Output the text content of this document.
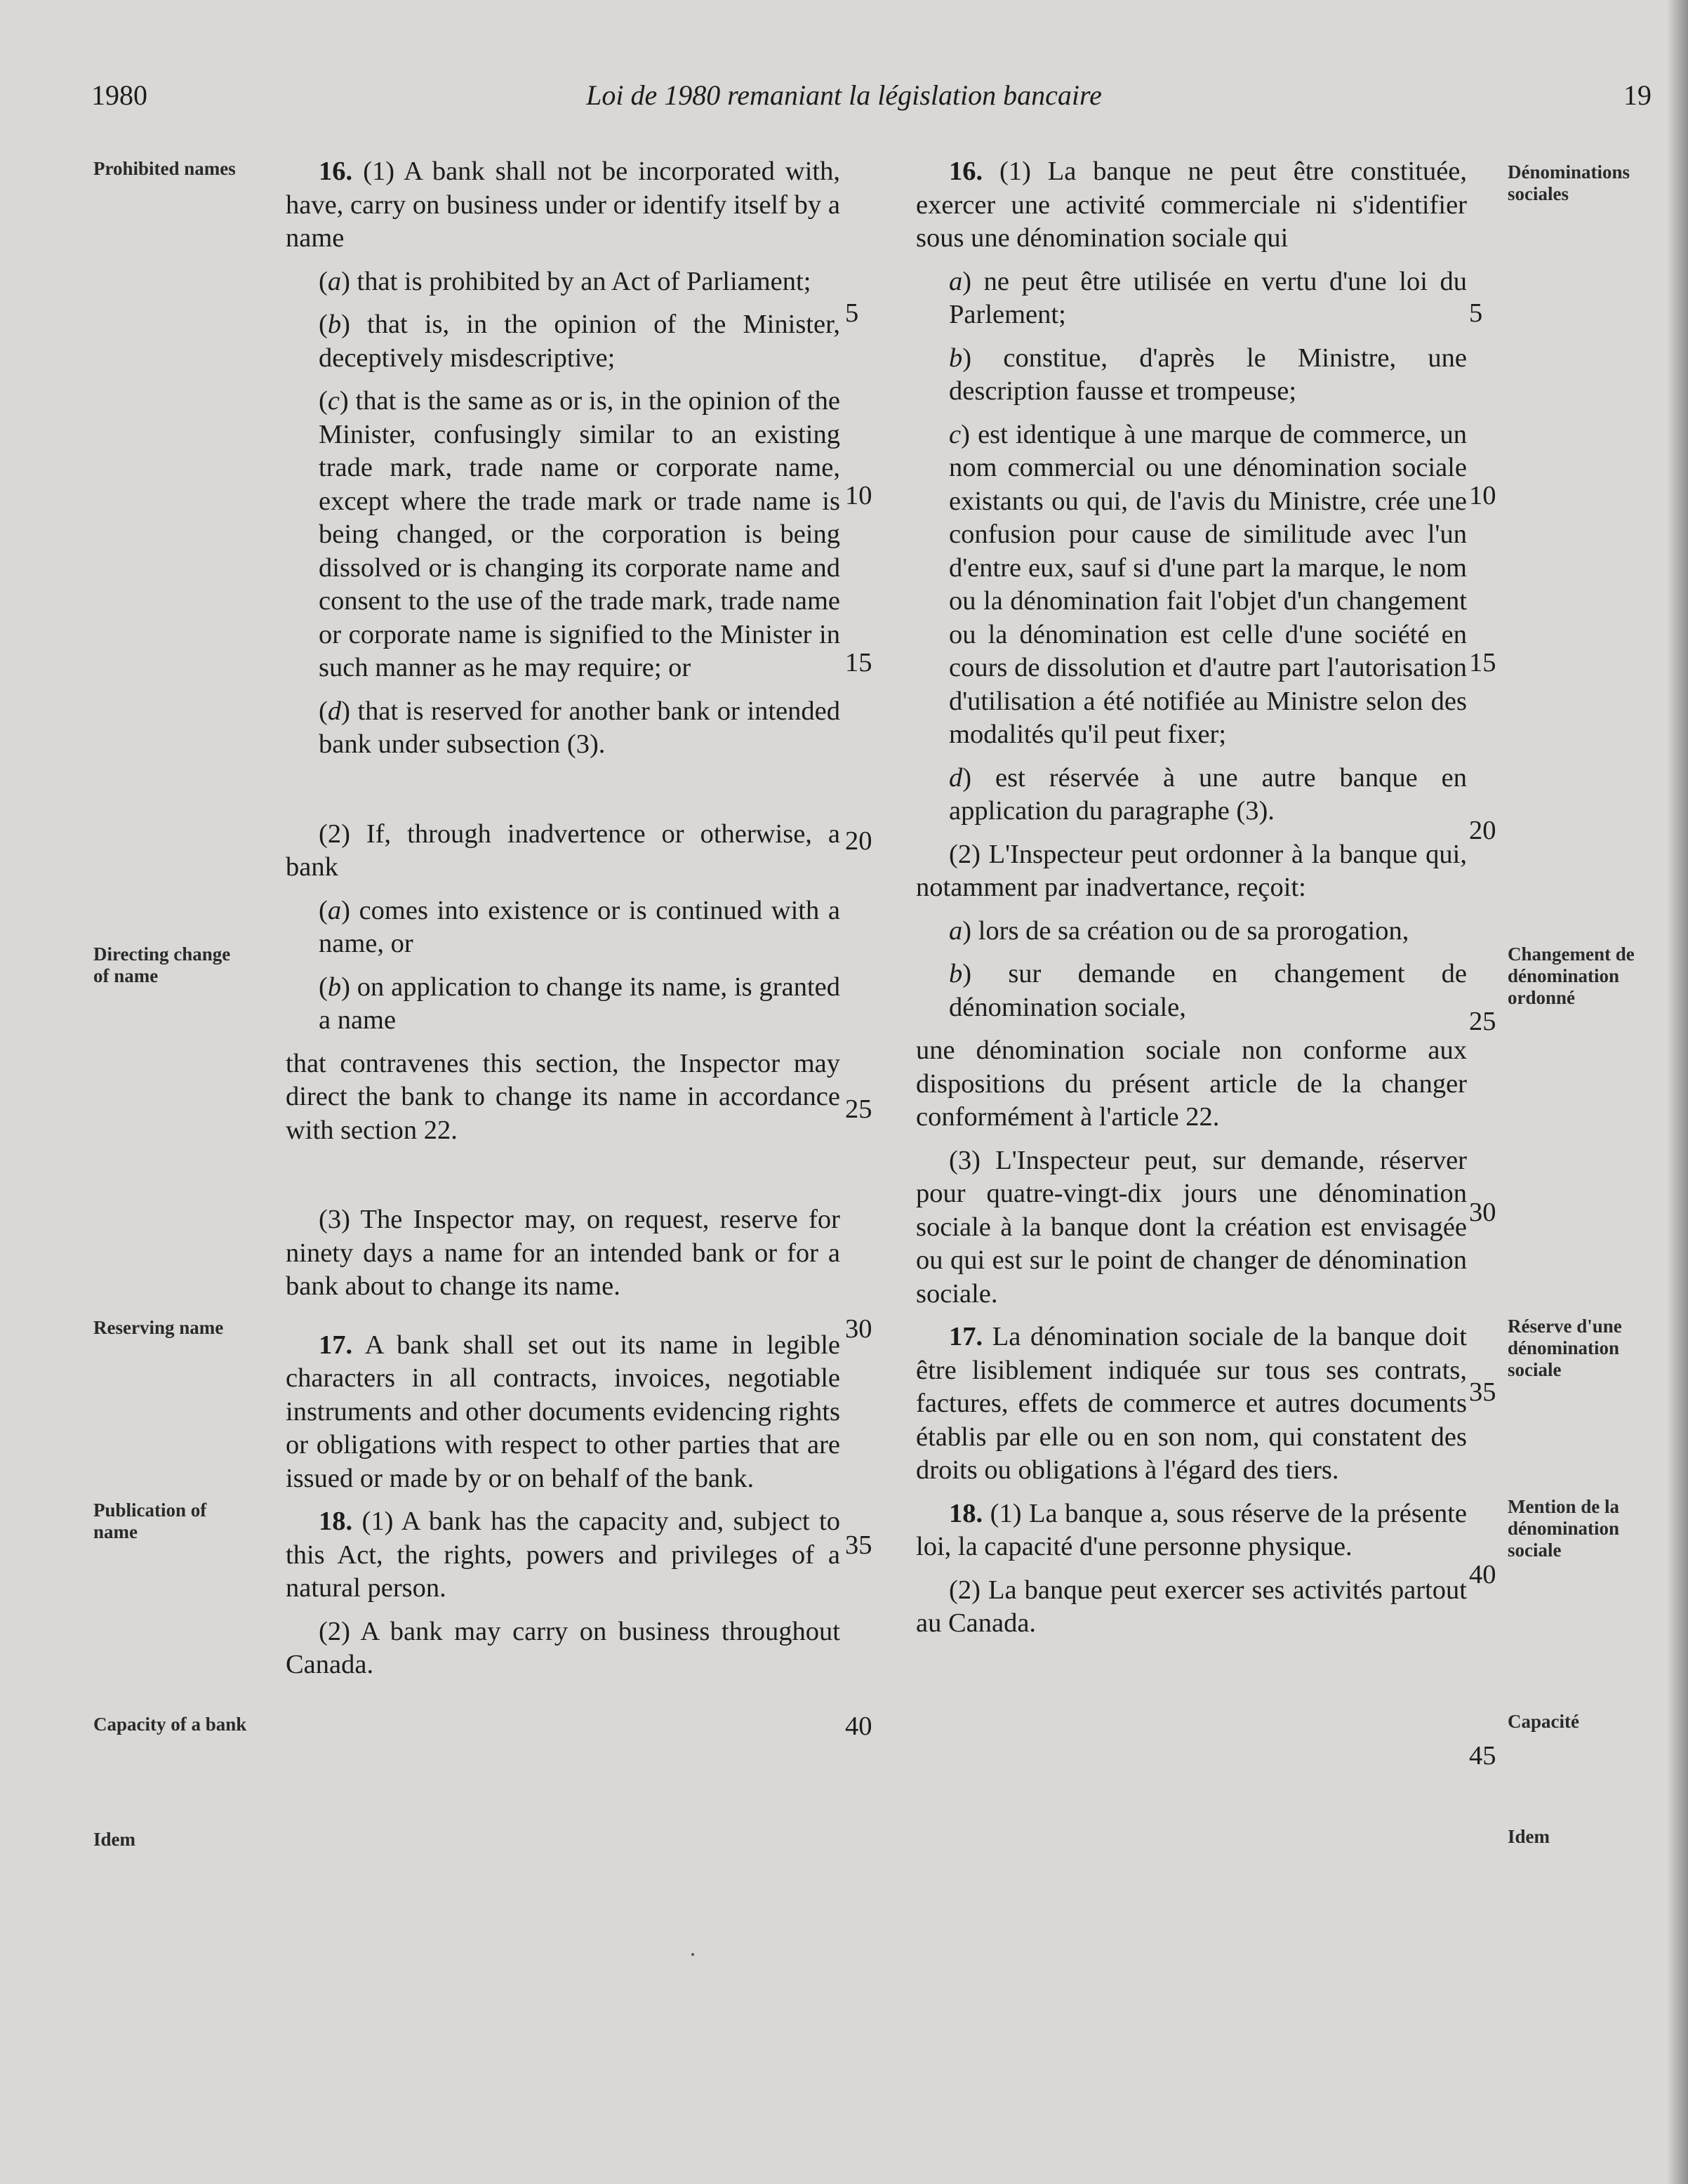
1980	Loi de 1980 remaniant la législation bancaire	19
Prohibited names
Directing change of name
Reserving name
Publication of name
Capacity of a bank
Idem
Dénominations sociales
Changement de dénomination ordonné
Réserve d'une dénomination sociale
Mention de la dénomination sociale
Capacité
Idem

16. (1) A bank shall not be incorporated with, have, carry on business under or identify itself by a name

(a) that is prohibited by an Act of Parliament;

(b) that is, in the opinion of the Minister, deceptively misdescriptive;

(c) that is the same as or is, in the opinion of the Minister, confusingly similar to an existing trade mark, trade name or corporate name, except where the trade mark or trade name is being changed, or the corporation is being dissolved or is changing its corporate name and consent to the use of the trade mark, trade name or corporate name is signified to the Minister in such manner as he may require; or

(d) that is reserved for another bank or intended bank under subsection (3).

(2) If, through inadvertence or otherwise, a bank

(a) comes into existence or is continued with a name, or

(b) on application to change its name, is granted a name

that contravenes this section, the Inspector may direct the bank to change its name in accordance with section 22.

(3) The Inspector may, on request, reserve for ninety days a name for an intended bank or for a bank about to change its name.

17. A bank shall set out its name in legible characters in all contracts, invoices, negotiable instruments and other documents evidencing rights or obligations with respect to other parties that are issued or made by or on behalf of the bank.

18. (1) A bank has the capacity and, subject to this Act, the rights, powers and privileges of a natural person.

(2) A bank may carry on business throughout Canada.

16. (1) La banque ne peut être constituée, exercer une activité commerciale ni s'identifier sous une dénomination sociale qui

a) ne peut être utilisée en vertu d'une loi du Parlement;

b) constitue, d'après le Ministre, une description fausse et trompeuse;

c) est identique à une marque de commerce, un nom commercial ou une dénomination sociale existants ou qui, de l'avis du Ministre, crée une confusion pour cause de similitude avec l'un d'entre eux, sauf si d'une part la marque, le nom ou la dénomination fait l'objet d'un changement ou la dénomination est celle d'une société en cours de dissolution et d'autre part l'autorisation d'utilisation a été notifiée au Ministre selon des modalités qu'il peut fixer;

d) est réservée à une autre banque en application du paragraphe (3).

(2) L'Inspecteur peut ordonner à la banque qui, notamment par inadvertance, reçoit:

a) lors de sa création ou de sa prorogation,

b) sur demande en changement de dénomination sociale,

une dénomination sociale non conforme aux dispositions du présent article de la changer conformément à l'article 22.

(3) L'Inspecteur peut, sur demande, réserver pour quatre-vingt-dix jours une dénomination sociale à la banque dont la création est envisagée ou qui est sur le point de changer de dénomination sociale.

17. La dénomination sociale de la banque doit être lisiblement indiquée sur tous ses contrats, factures, effets de commerce et autres documents établis par elle ou en son nom, qui constatent des droits ou obligations à l'égard des tiers.

18. (1) La banque a, sous réserve de la présente loi, la capacité d'une personne physique.

(2) La banque peut exercer ses activités partout au Canada.

5
10
15
20
25
30
35
40
5
10
15
20
25
30
35
40
45
